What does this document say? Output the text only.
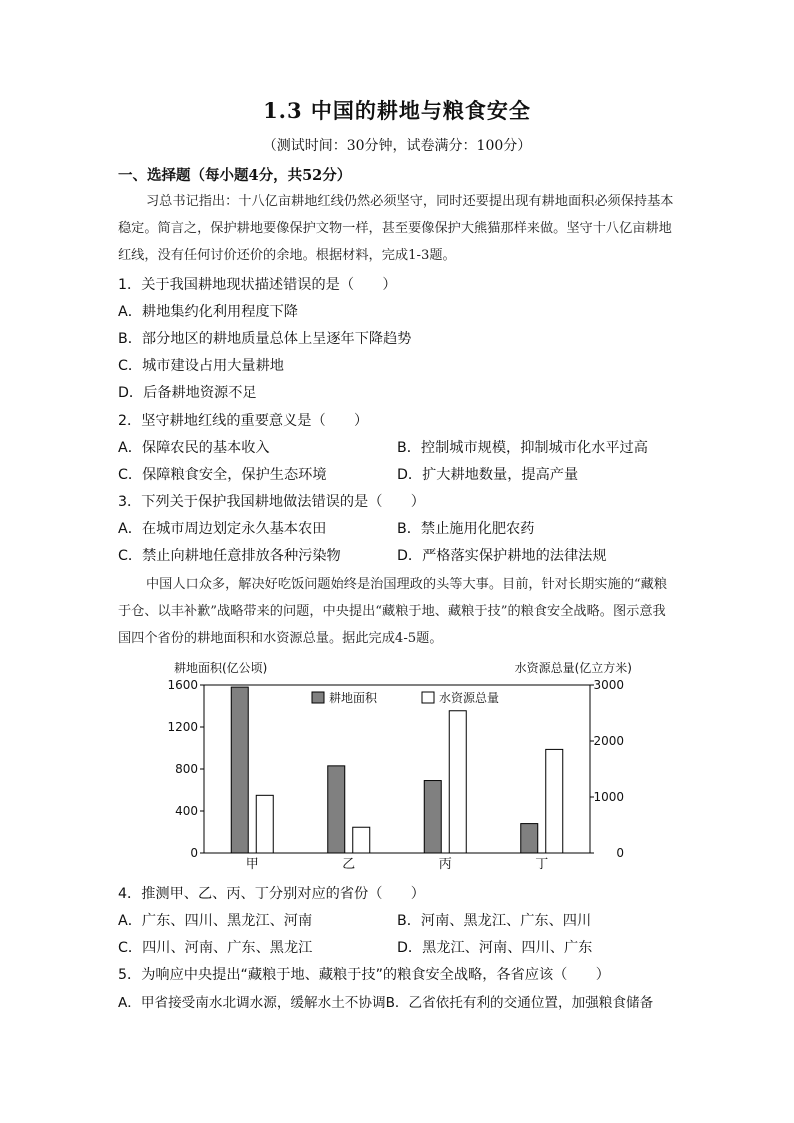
1.3 中国的耕地与粮食安全
（测试时间：30分钟，试卷满分：100分）
一、选择题（每小题4分，共52分）
习总书记指出：十八亿亩耕地红线仍然必须坚守，同时还要提出现有耕地面积必须保持基本稳定。简言之，保护耕地要像保护文物一样，甚至要像保护大熊猫那样来做。坚守十八亿亩耕地红线，没有任何讨价还价的余地。根据材料，完成1-3题。
1．关于我国耕地现状描述错误的是（　　）
A．耕地集约化利用程度下降
B．部分地区的耕地质量总体上呈逐年下降趋势
C．城市建设占用大量耕地
D．后备耕地资源不足
2．坚守耕地红线的重要意义是（　　）
A．保障农民的基本收入	B．控制城市规模，抑制城市化水平过高
C．保障粮食安全，保护生态环境	D．扩大耕地数量，提高产量
3．下列关于保护我国耕地做法错误的是（　　）
A．在城市周边划定永久基本农田	B．禁止施用化肥农药
C．禁止向耕地任意排放各种污染物	D．严格落实保护耕地的法律法规
中国人口众多，解决好吃饭问题始终是治国理政的头等大事。目前，针对长期实施的“藏粮于仓、以丰补歉”战略带来的问题，中央提出“藏粮于地、藏粮于技”的粮食安全战略。图示意我国四个省份的耕地面积和水资源总量。据此完成4-5题。
耕地面积(亿公顷)	水资源总量(亿立方米)
0
400
800
1200
1600
0
1000
2000
3000
甲	乙	丙	丁
耕地面积	水资源总量
4．推测甲、乙、丙、丁分别对应的省份（　　）
A．广东、四川、黑龙江、河南	B．河南、黑龙江、广东、四川
C．四川、河南、广东、黑龙江	D．黑龙江、河南、四川、广东
5．为响应中央提出“藏粮于地、藏粮于技”的粮食安全战略，各省应该（　　）
A．甲省接受南水北调水源，缓解水土不协调B．乙省依托有利的交通位置，加强粮食储备
